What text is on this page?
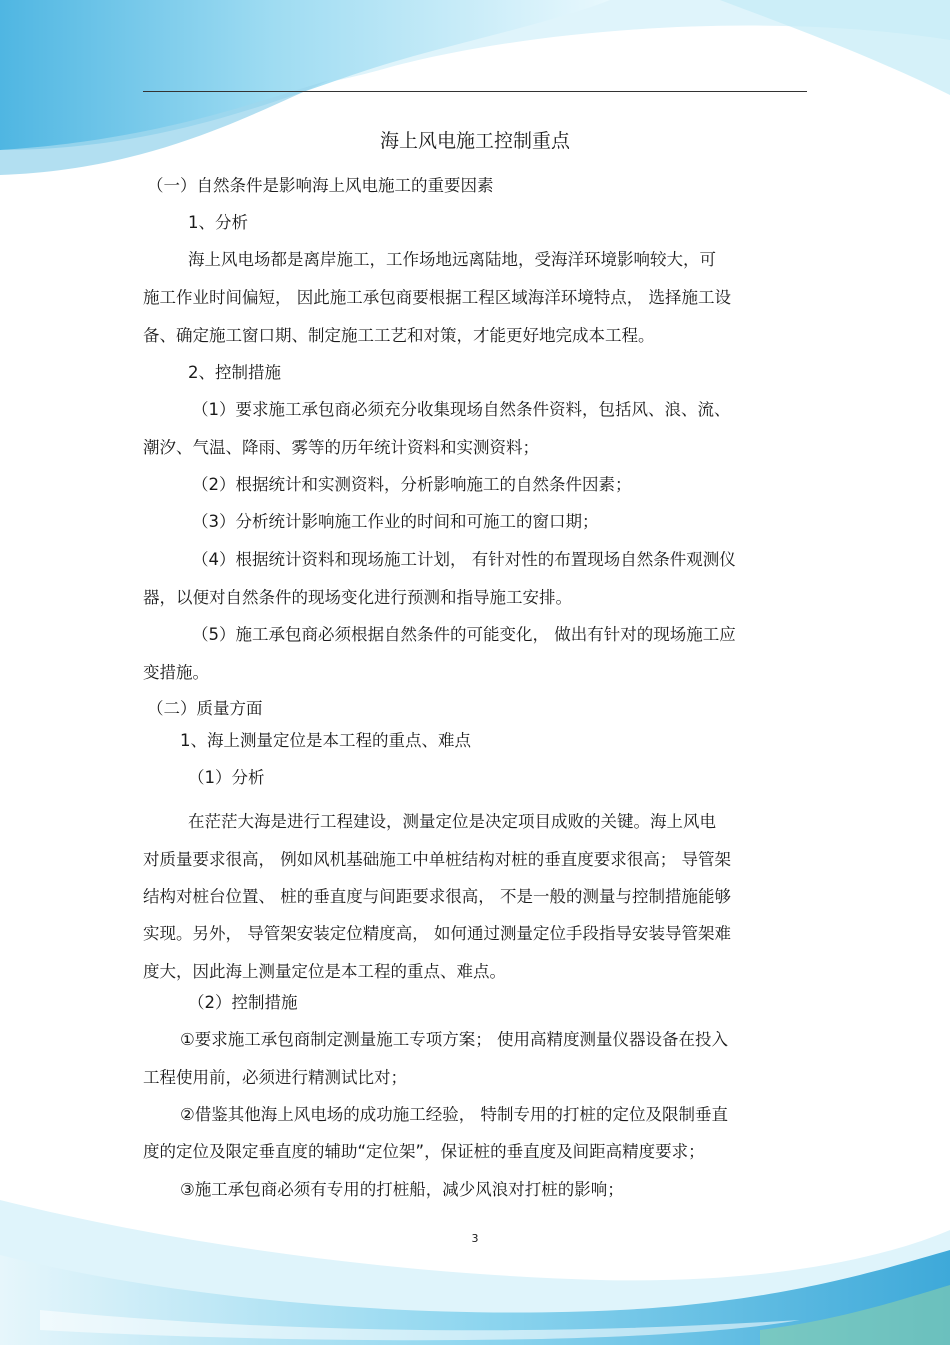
海上风电施工控制重点

（一）自然条件是影响海上风电施工的重要因素

1、分析

海上风电场都是离岸施工，工作场地远离陆地，受海洋环境影响较大，可

施工作业时间偏短， 因此施工承包商要根据工程区域海洋环境特点， 选择施工设

备、确定施工窗口期、制定施工工艺和对策，才能更好地完成本工程。

2、控制措施

（1）要求施工承包商必须充分收集现场自然条件资料，包括风、浪、流、

潮汐、气温、降雨、雾等的历年统计资料和实测资料；

（2）根据统计和实测资料，分析影响施工的自然条件因素；

（3）分析统计影响施工作业的时间和可施工的窗口期；

（4）根据统计资料和现场施工计划， 有针对性的布置现场自然条件观测仪

器，以便对自然条件的现场变化进行预测和指导施工安排。

（5）施工承包商必须根据自然条件的可能变化， 做出有针对的现场施工应

变措施。

（二）质量方面

1、海上测量定位是本工程的重点、难点

（1）分析

在茫茫大海是进行工程建设，测量定位是决定项目成败的关键。海上风电

对质量要求很高， 例如风机基础施工中单桩结构对桩的垂直度要求很高； 导管架

结构对桩台位置、 桩的垂直度与间距要求很高， 不是一般的测量与控制措施能够

实现。另外， 导管架安装定位精度高， 如何通过测量定位手段指导安装导管架难

度大，因此海上测量定位是本工程的重点、难点。

（2）控制措施

①要求施工承包商制定测量施工专项方案； 使用高精度测量仪器设备在投入

工程使用前，必须进行精测试比对；

②借鉴其他海上风电场的成功施工经验， 特制专用的打桩的定位及限制垂直

度的定位及限定垂直度的辅助“定位架”，保证桩的垂直度及间距高精度要求；

③施工承包商必须有专用的打桩船，减少风浪对打桩的影响；

3
